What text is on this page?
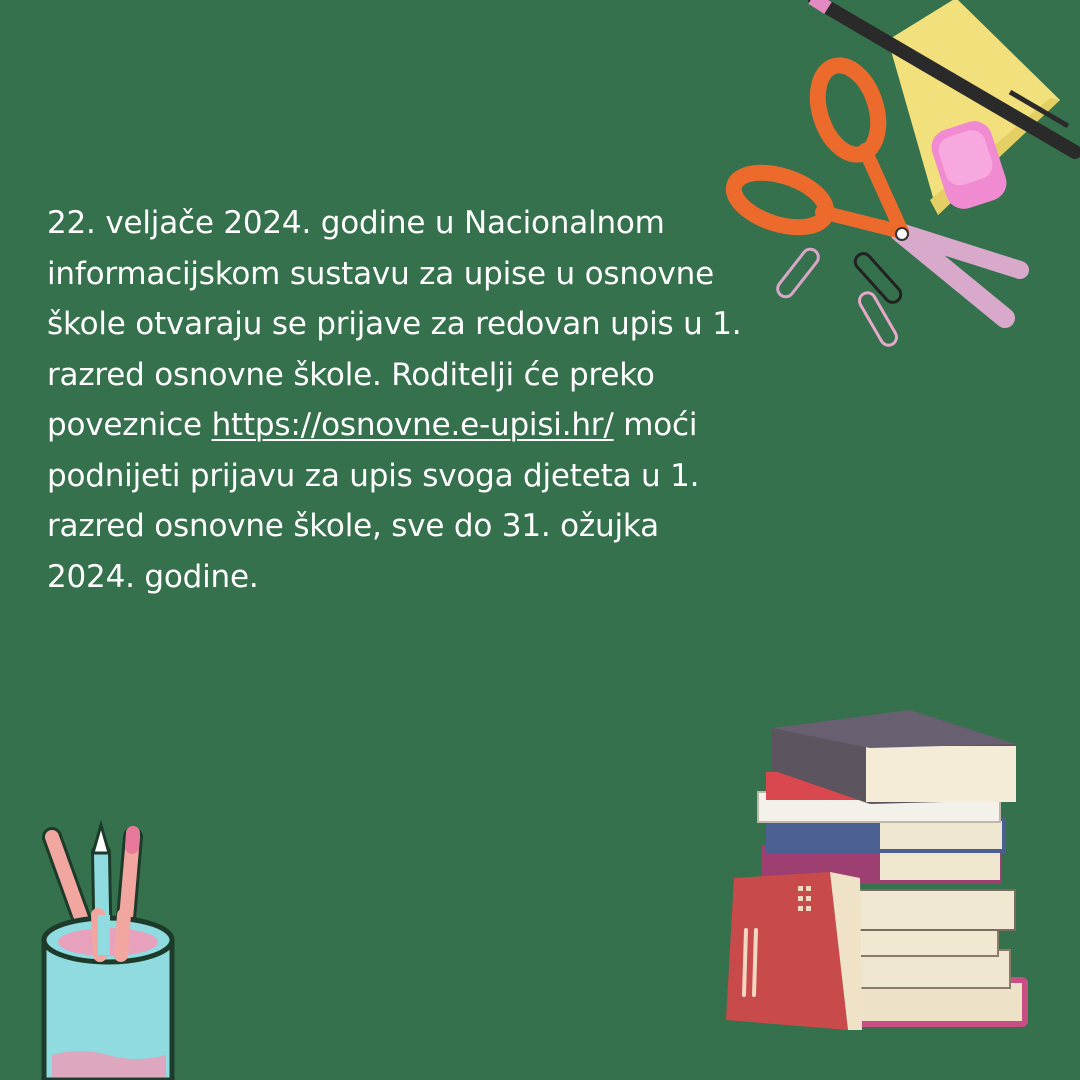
22. veljače 2024. godine u Nacionalnom informacijskom sustavu za upise u osnovne škole otvaraju se prijave za redovan upis u 1. razred osnovne škole. Roditelji će preko poveznice https://osnovne.e-upisi.hr/ moći podnijeti prijavu za upis svoga djeteta u 1. razred osnovne škole, sve do 31. ožujka 2024. godine.
